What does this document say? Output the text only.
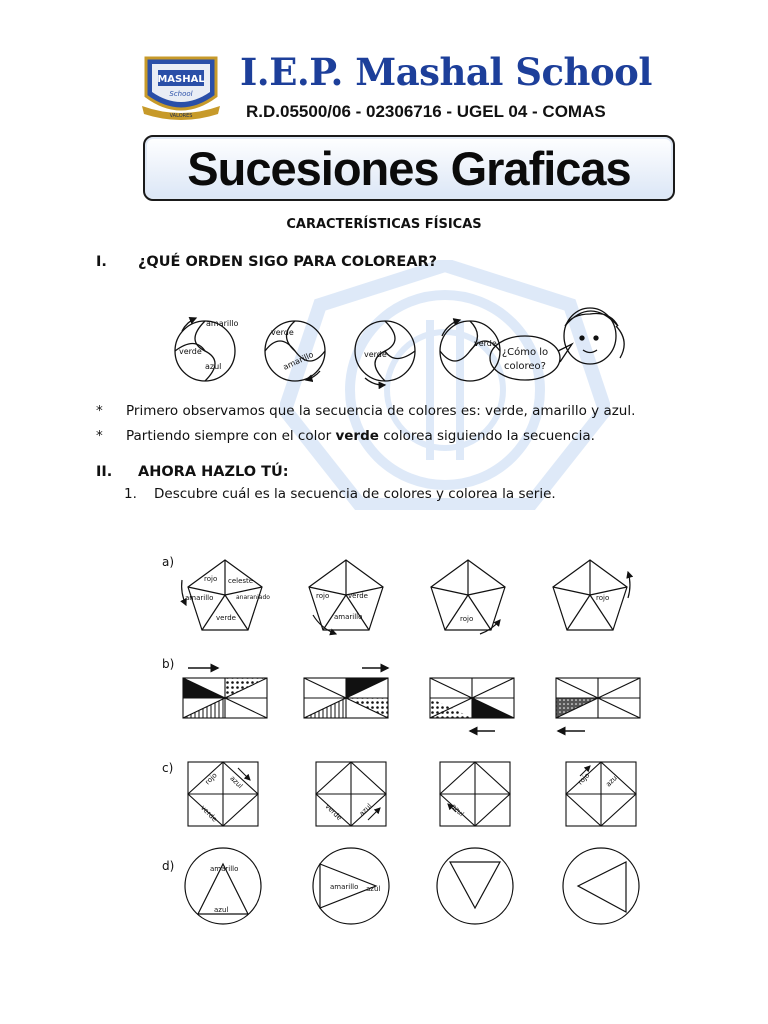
MASHAL
School
VALORES
I.E.P. Mashal School
R.D.05500/06 - 02306716 - UGEL 04 - COMAS
Sucesiones Graficas
CARACTERÍSTICAS FÍSICAS
I. ¿QUÉ ORDEN SIGO PARA COLOREAR?
amarillo
verde
azul
verde
amarillo	verde
verde
¿Cómo lo
coloreo?
* Primero observamos que la secuencia de colores es: verde, amarillo y azul.
* Partiendo siempre con el color verde colorea siguiendo la secuencia.
II. AHORA HAZLO TÚ:
1. Descubre cuál es la secuencia de colores y colorea la serie.
a)
b)
c)
d)
rojo celeste
anaranjado
amarillo
verde
rojo	verde
amarillo	rojo
rojo
rojo azul
verde	verde azul	azul
rojo azul
amarillo
azul
amarillo azul
